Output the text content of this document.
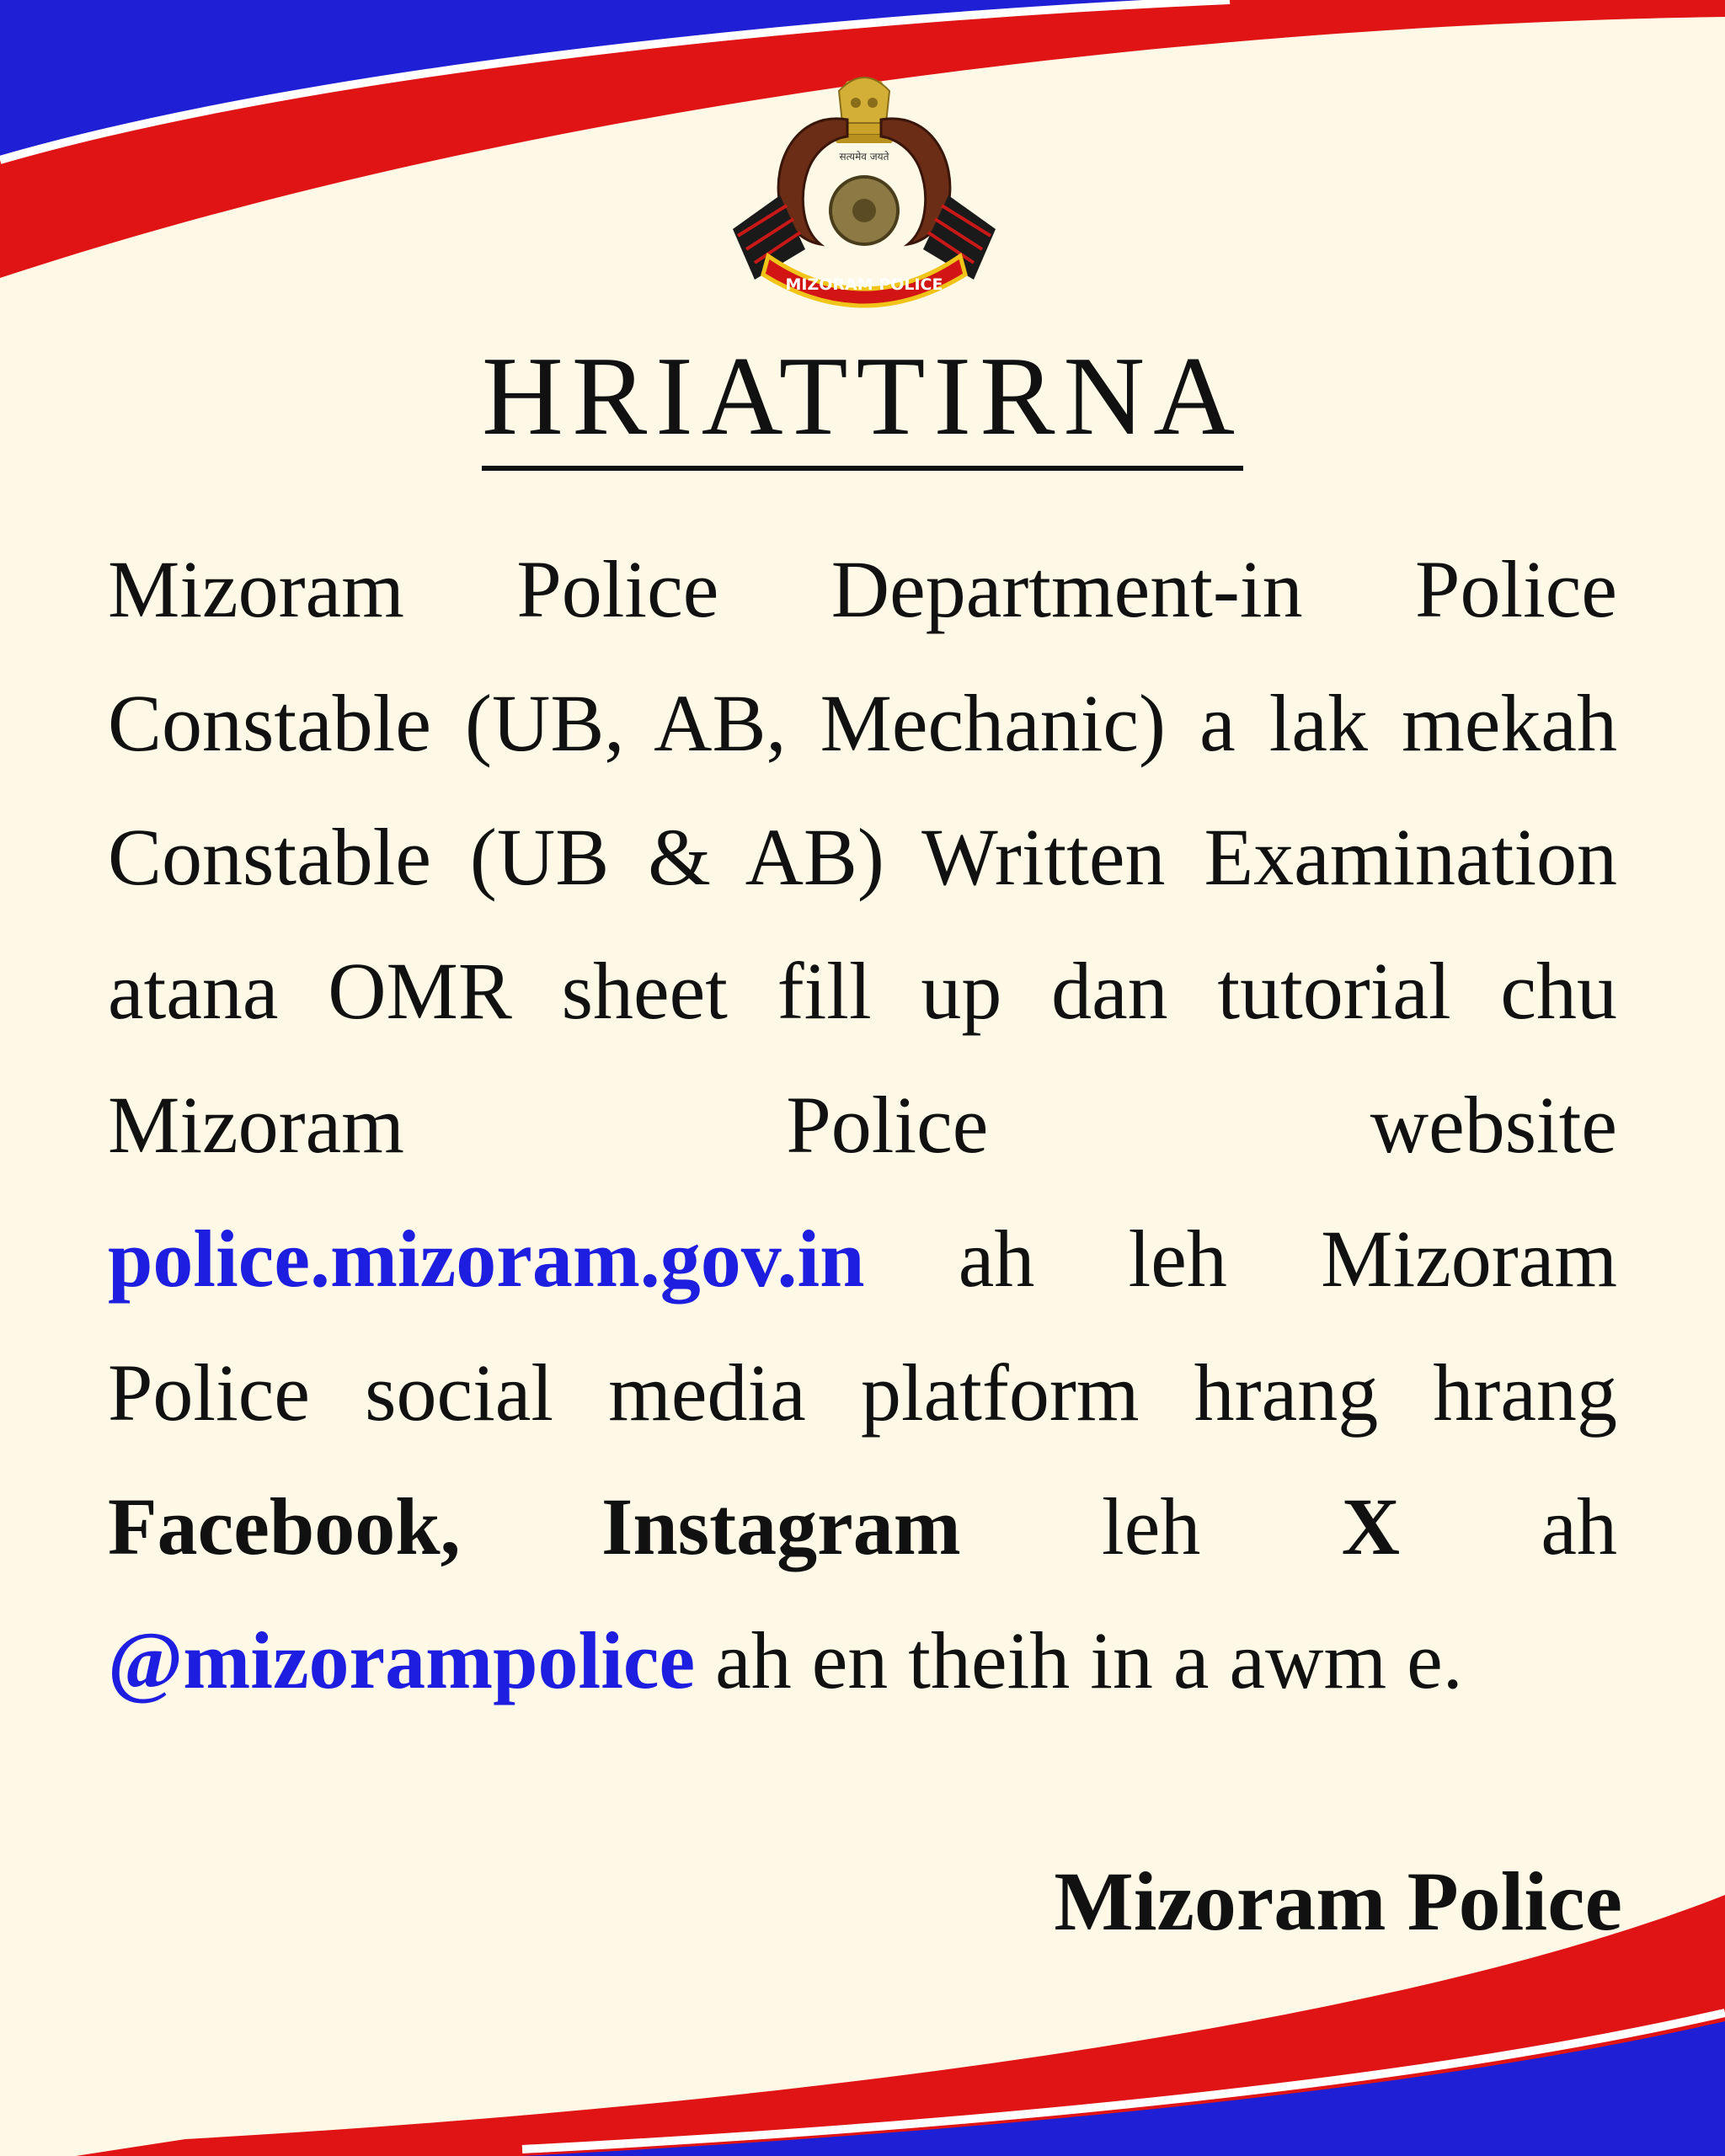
सत्यमेव जयते
MIZORAM POLICE
HRIATTIRNA
Mizoram Police Department-in Police Constable (UB, AB, Mechanic) a lak mekah Constable (UB & AB) Written Examination atana OMR sheet fill up dan tutorial chu Mizoram Police website police.mizoram.gov.in ah leh Mizoram Police social media platform hrang hrang Facebook, Instagram leh X ah @mizorampolice ah en theih in a awm e.
Mizoram Police
